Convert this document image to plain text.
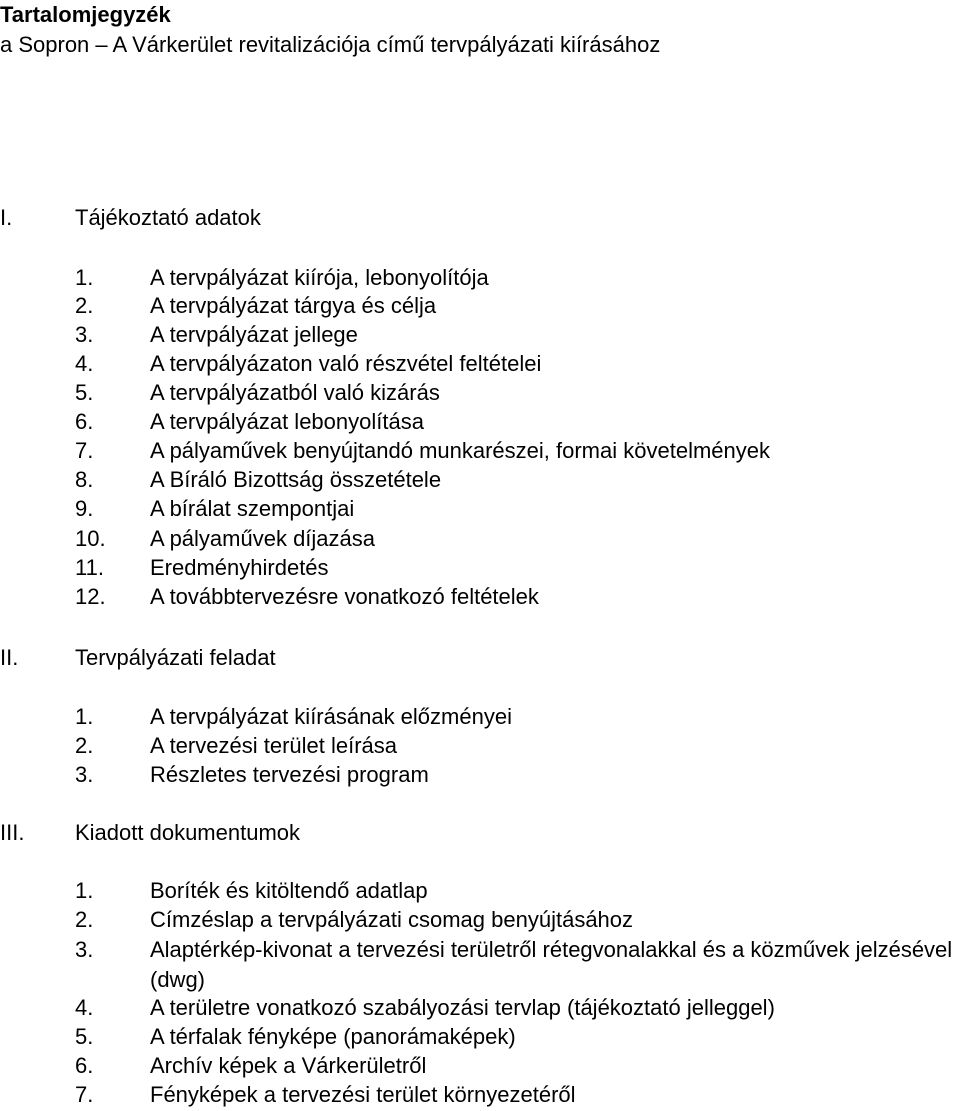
Tartalomjegyzék
a Sopron – A Várkerület revitalizációja című tervpályázati kiírásához
I.	Tájékoztató adatok
1.	A tervpályázat kiírója, lebonyolítója
2.	A tervpályázat tárgya és célja
3.	A tervpályázat jellege
4.	A tervpályázaton való részvétel feltételei
5.	A tervpályázatból való kizárás
6.	A tervpályázat lebonyolítása
7.	A pályaművek benyújtandó munkarészei, formai követelmények
8.	A Bíráló Bizottság összetétele
9.	A bírálat szempontjai
10. A pályaművek díjazása
11. Eredményhirdetés
12. A továbbtervezésre vonatkozó feltételek
II.	Tervpályázati feladat
1.	A tervpályázat kiírásának előzményei
2.	A tervezési terület leírása
3.	Részletes tervezési program
III. Kiadott dokumentumok
1.	Boríték és kitöltendő adatlap
2.	Címzéslap a tervpályázati csomag benyújtásához
3.	Alaptérkép-kivonat a tervezési területről rétegvonalakkal és a közművek jelzésével (dwg)
4.	A területre vonatkozó szabályozási tervlap (tájékoztató jelleggel)
5.	A térfalak fényképe (panorámaképek)
6.	Archív képek a Várkerületről
7.	Fényképek a tervezési terület környezetéről
